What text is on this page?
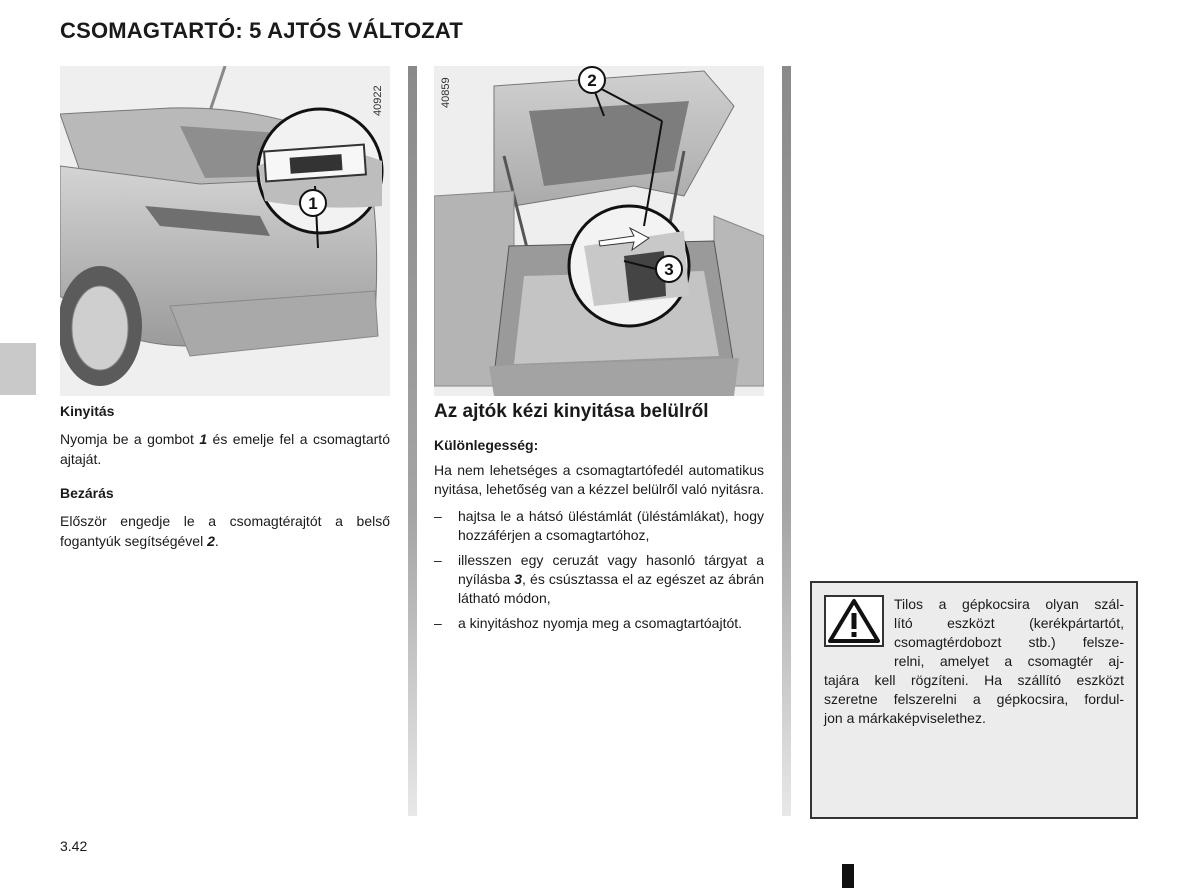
CSOMAGTARTÓ: 5 AJTÓS VÁLTOZAT
1
40922
2
3
40859
Kinyitás

Nyomja be a gombot 1 és emelje fel a csomagtartó ajtaját.

Bezárás

Először engedje le a csomagtérajtót a belső fogantyúk segítségével 2.

Az ajtók kézi kinyitása belülről
Különlegesség:

Ha nem lehetséges a csomagtartófedél automatikus nyitása, lehetőség van a kézzel belülről való nyitásra.

– hajtsa le a hátsó üléstámlát (üléstámlákat), hogy hozzáférjen a csomagtartóhoz,
– illesszen egy ceruzát vagy hasonló tárgyat a nyílásba 3, és csúsztassa el az egészet az ábrán látható módon,
– a kinyitáshoz nyomja meg a csomagtartóajtót.
Tilos a gépkocsira olyan szál-
lító eszközt (kerékpártartót,
csomagtérdobozt stb.) felsze-
relni, amelyet a csomagtér aj-
tajára kell rögzíteni. Ha szállító eszközt
szeretne felszerelni a gépkocsira, fordul-
jon a márkaképviselethez.
3.42
